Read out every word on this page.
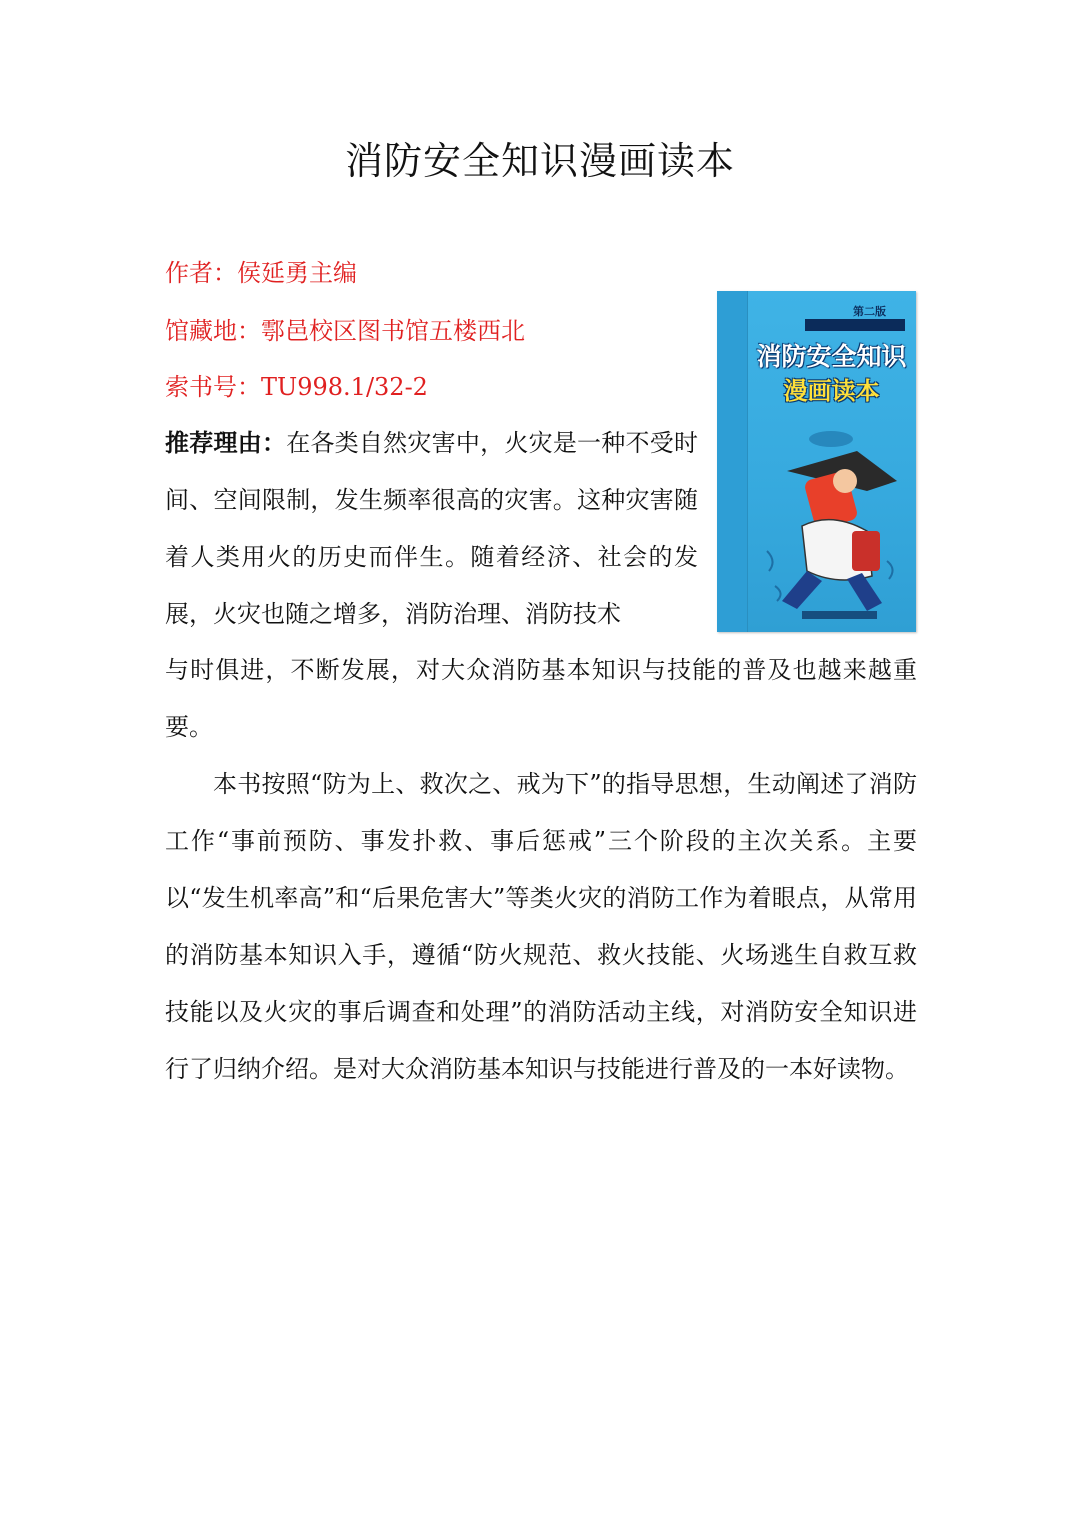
消防安全知识漫画读本
作者：侯延勇主编
馆藏地：鄠邑校区图书馆五楼西北
索书号：TU998.1/32-2
第二版
消防安全知识
漫画读本
推荐理由：在各类自然灾害中，火灾是一种不受时间、空间限制，发生频率很高的灾害。这种灾害随着人类用火的历史而伴生。随着经济、社会的发展，火灾也随之增多，消防治理、消防技术
与时俱进，不断发展，对大众消防基本知识与技能的普及也越来越重要。
本书按照“防为上、救次之、戒为下”的指导思想，生动阐述了消防工作“事前预防、事发扑救、事后惩戒”三个阶段的主次关系。主要以“发生机率高”和“后果危害大”等类火灾的消防工作为着眼点，从常用的消防基本知识入手，遵循“防火规范、救火技能、火场逃生自救互救技能以及火灾的事后调查和处理”的消防活动主线，对消防安全知识进行了归纳介绍。是对大众消防基本知识与技能进行普及的一本好读物。
